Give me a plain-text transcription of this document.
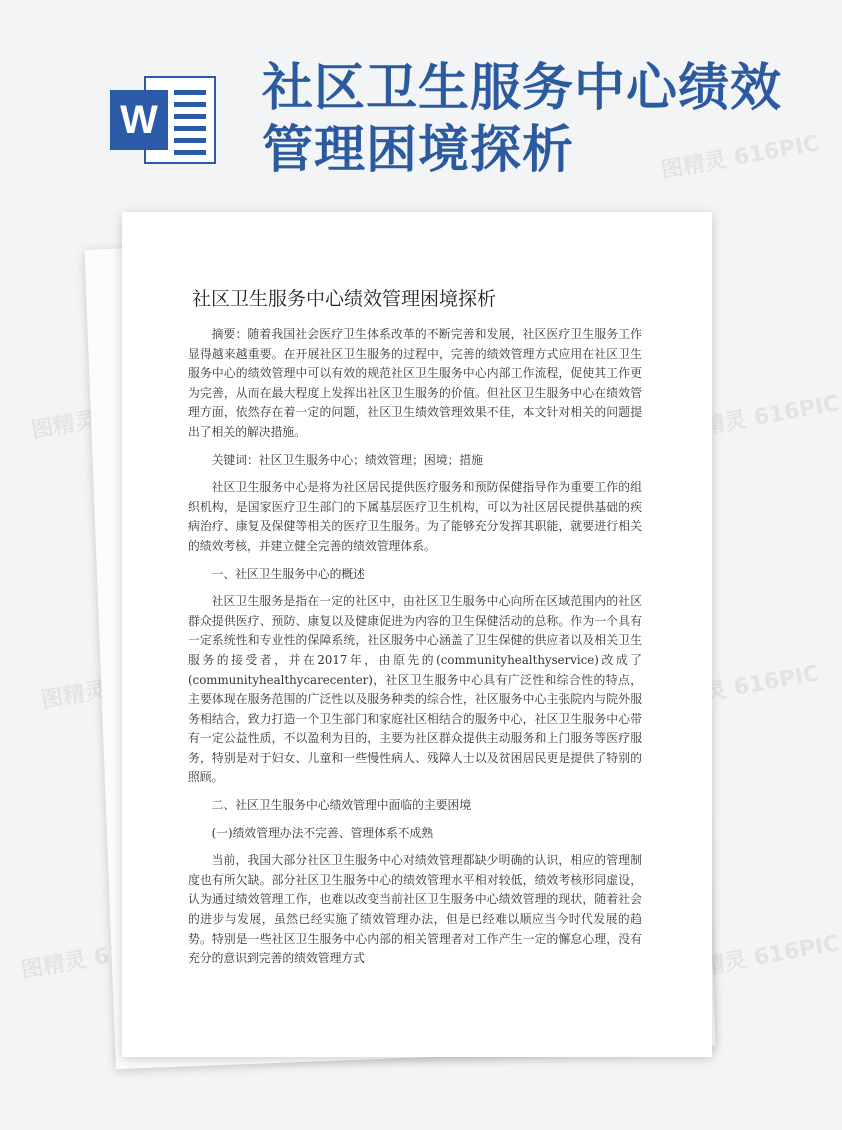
W
社区卫生服务中心绩效
管理困境探析	图精灵 616PIC
图精灵	图精灵 616PIC
图精灵	图精灵 616PIC
图精灵 616PIC	图精灵 616PIC
社区卫生服务中心绩效管理困境探析

摘要：随着我国社会医疗卫生体系改革的不断完善和发展，社区医疗卫生服务工作显得越来越重要。在开展社区卫生服务的过程中，完善的绩效管理方式应用在社区卫生服务中心的绩效管理中可以有效的规范社区卫生服务中心内部工作流程，促使其工作更为完善，从而在最大程度上发挥出社区卫生服务的价值。但社区卫生服务中心在绩效管理方面，依然存在着一定的问题，社区卫生绩效管理效果不佳，本文针对相关的问题提出了相关的解决措施。

关键词：社区卫生服务中心；绩效管理；困境；措施

社区卫生服务中心是将为社区居民提供医疗服务和预防保健指导作为重要工作的组织机构，是国家医疗卫生部门的下属基层医疗卫生机构，可以为社区居民提供基础的疾病治疗、康复及保健等相关的医疗卫生服务。为了能够充分发挥其职能，就要进行相关的绩效考核，并建立健全完善的绩效管理体系。

一、社区卫生服务中心的概述

社区卫生服务是指在一定的社区中，由社区卫生服务中心向所在区域范围内的社区群众提供医疗、预防、康复以及健康促进为内容的卫生保健活动的总称。作为一个具有一定系统性和专业性的保障系统，社区服务中心涵盖了卫生保健的供应者以及相关卫生服务的接受者，并在2017年，由原先的(communityhealthyservice)改成了(communityhealthycarecenter)，社区卫生服务中心具有广泛性和综合性的特点，主要体现在服务范围的广泛性以及服务种类的综合性，社区服务中心主张院内与院外服务相结合，致力打造一个卫生部门和家庭社区相结合的服务中心，社区卫生服务中心带有一定公益性质，不以盈利为目的，主要为社区群众提供主动服务和上门服务等医疗服务，特别是对于妇女、儿童和一些慢性病人、残障人士以及贫困居民更是提供了特别的照顾。

二、社区卫生服务中心绩效管理中面临的主要困境

(一)绩效管理办法不完善、管理体系不成熟

当前，我国大部分社区卫生服务中心对绩效管理都缺少明确的认识，相应的管理制度也有所欠缺。部分社区卫生服务中心的绩效管理水平相对较低，绩效考核形同虚设，认为通过绩效管理工作，也难以改变当前社区卫生服务中心绩效管理的现状，随着社会的进步与发展，虽然已经实施了绩效管理办法，但是已经难以顺应当今时代发展的趋势。特别是一些社区卫生服务中心内部的相关管理者对工作产生一定的懈怠心理，没有充分的意识到完善的绩效管理方式
